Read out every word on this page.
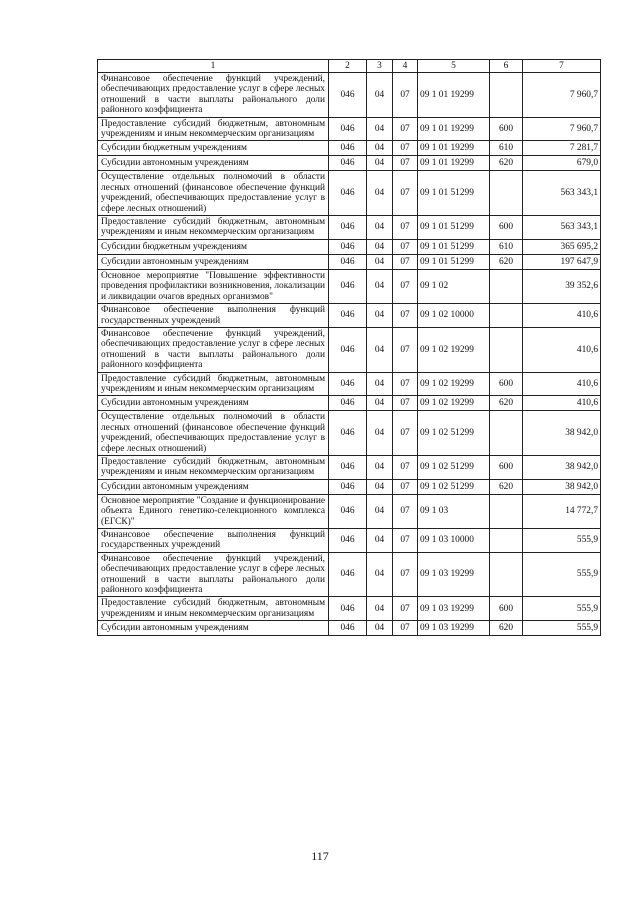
1	2	3	4	5	6	7
Финансовое обеспечение функций учреждений, обеспечивающих предоставление услуг в сфере лесных отношений в части выплаты районального доли районного коэффициента	046	04	07	09 1 01 19299		7 960,7
Предоставление субсидий бюджетным, автономным учреждениям и иным некоммерческим организациям	046	04	07	09 1 01 19299	600	7 960,7
Субсидии бюджетным учреждениям	046	04	07	09 1 01 19299	610	7 281,7
Субсидии автономным учреждениям	046	04	07	09 1 01 19299	620	679,0
Осуществление отдельных полномочий в области лесных отношений (финансовое обеспечение функций учреждений, обеспечивающих предоставление услуг в сфере лесных отношений)	046	04	07	09 1 01 51299		563 343,1
Предоставление субсидий бюджетным, автономным учреждениям и иным некоммерческим организациям	046	04	07	09 1 01 51299	600	563 343,1
Субсидии бюджетным учреждениям	046	04	07	09 1 01 51299	610	365 695,2
Субсидии автономным учреждениям	046	04	07	09 1 01 51299	620	197 647,9
Основное мероприятие "Повышение эффективности проведения профилактики возникновения, локализации и ликвидации очагов вредных организмов"	046	04	07	09 1 02		39 352,6
Финансовое обеспечение выполнения функций государственных учреждений	046	04	07	09 1 02 10000		410,6
Финансовое обеспечение функций учреждений, обеспечивающих предоставление услуг в сфере лесных отношений в части выплаты районального доли районного коэффициента	046	04	07	09 1 02 19299		410,6
Предоставление субсидий бюджетным, автономным учреждениям и иным некоммерческим организациям	046	04	07	09 1 02 19299	600	410,6
Субсидии автономным учреждениям	046	04	07	09 1 02 19299	620	410,6
Осуществление отдельных полномочий в области лесных отношений (финансовое обеспечение функций учреждений, обеспечивающих предоставление услуг в сфере лесных отношений)	046	04	07	09 1 02 51299		38 942,0
Предоставление субсидий бюджетным, автономным учреждениям и иным некоммерческим организациям	046	04	07	09 1 02 51299	600	38 942,0
Субсидии автономным учреждениям	046	04	07	09 1 02 51299	620	38 942,0
Основное мероприятие "Создание и функционирование объекта Единого генетико-селекционного комплекса (ЕГСК)"	046	04	07	09 1 03		14 772,7
Финансовое обеспечение выполнения функций государственных учреждений	046	04	07	09 1 03 10000		555,9
Финансовое обеспечение функций учреждений, обеспечивающих предоставление услуг в сфере лесных отношений в части выплаты районального доли районного коэффициента	046	04	07	09 1 03 19299		555,9
Предоставление субсидий бюджетным, автономным учреждениям и иным некоммерческим организациям	046	04	07	09 1 03 19299	600	555,9
Субсидии автономным учреждениям	046	04	07	09 1 03 19299	620	555,9
117
